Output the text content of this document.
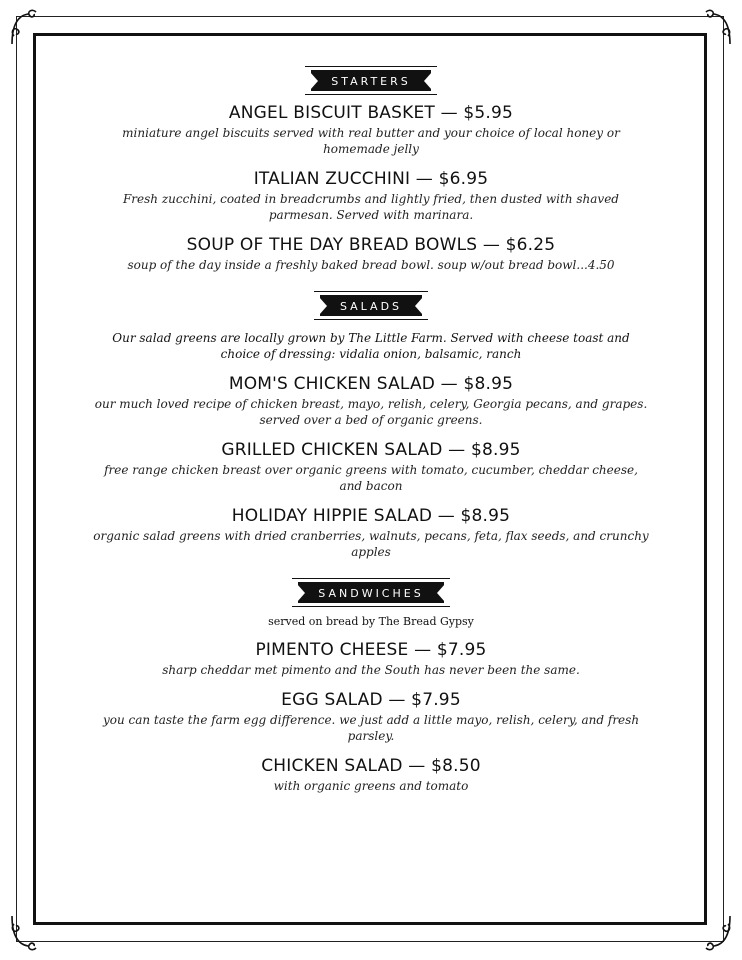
STARTERS
ANGEL BISCUIT BASKET — $5.95
miniature angel biscuits served with real butter and your choice of local honey or homemade jelly
ITALIAN ZUCCHINI — $6.95
Fresh zucchini, coated in breadcrumbs and lightly fried, then dusted with shaved parmesan. Served with marinara.
SOUP OF THE DAY BREAD BOWLS — $6.25
soup of the day inside a freshly baked bread bowl. soup w/out bread bowl...4.50
SALADS
Our salad greens are locally grown by The Little Farm. Served with cheese toast and choice of dressing: vidalia onion, balsamic, ranch
MOM'S CHICKEN SALAD — $8.95
our much loved recipe of chicken breast, mayo, relish, celery, Georgia pecans, and grapes. served over a bed of organic greens.
GRILLED CHICKEN SALAD — $8.95
free range chicken breast over organic greens with tomato, cucumber, cheddar cheese, and bacon
HOLIDAY HIPPIE SALAD — $8.95
organic salad greens with dried cranberries, walnuts, pecans, feta, flax seeds, and crunchy apples
SANDWICHES
served on bread by The Bread Gypsy
PIMENTO CHEESE — $7.95
sharp cheddar met pimento and the South has never been the same.
EGG SALAD — $7.95
you can taste the farm egg difference. we just add a little mayo, relish, celery, and fresh parsley.
CHICKEN SALAD — $8.50
with organic greens and tomato
